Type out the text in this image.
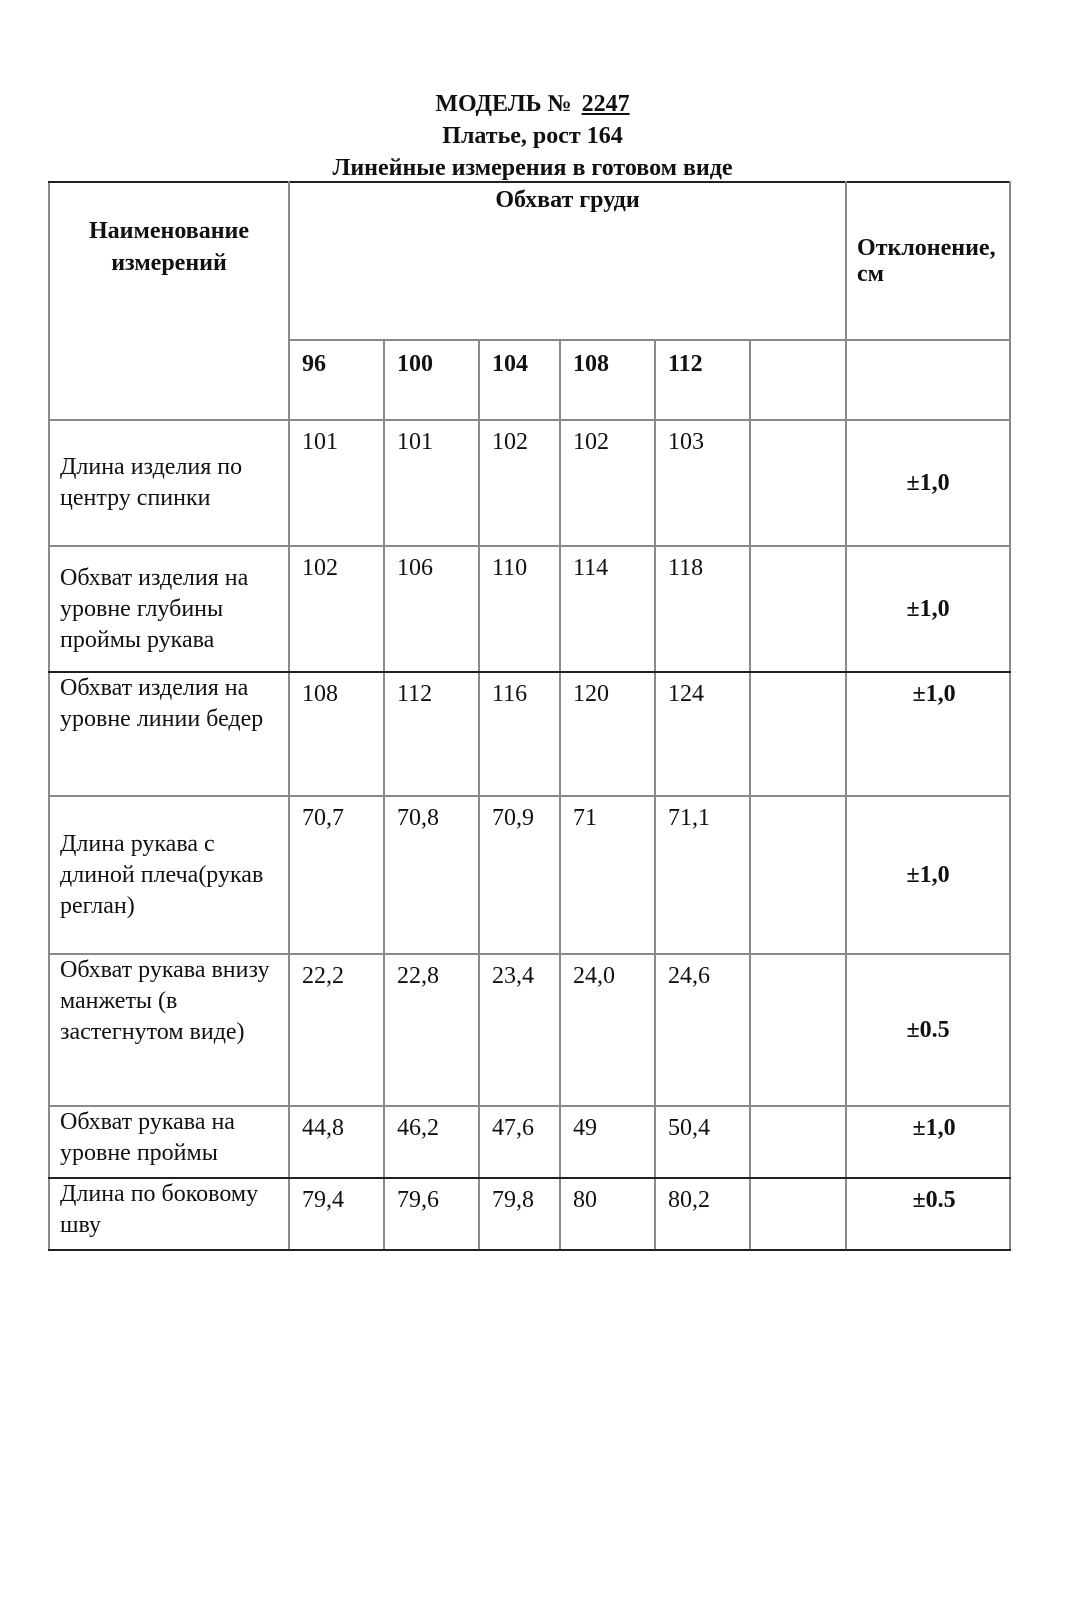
МОДЕЛЬ № 2247
Платье, рост 164
Линейные измерения в готовом виде
Наименование измерений	Обхват груди						Отклонение, см
	96	100	104	108	112		
Длина изделия по центру спинки	101	101	102	102	103		±1,0
Обхват изделия на уровне глубины проймы рукава	102	106	110	114	118		±1,0
Обхват изделия на уровне линии бедер	108	112	116	120	124		±1,0
Длина рукава с длиной плеча(рукав реглан)	70,7	70,8	70,9	71	71,1		±1,0
Обхват рукава внизу манжеты (в застегнутом виде)	22,2	22,8	23,4	24,0	24,6		±0.5
Обхват рукава на уровне проймы	44,8	46,2	47,6	49	50,4		±1,0
Длина по боковому шву	79,4	79,6	79,8	80	80,2		±0.5
